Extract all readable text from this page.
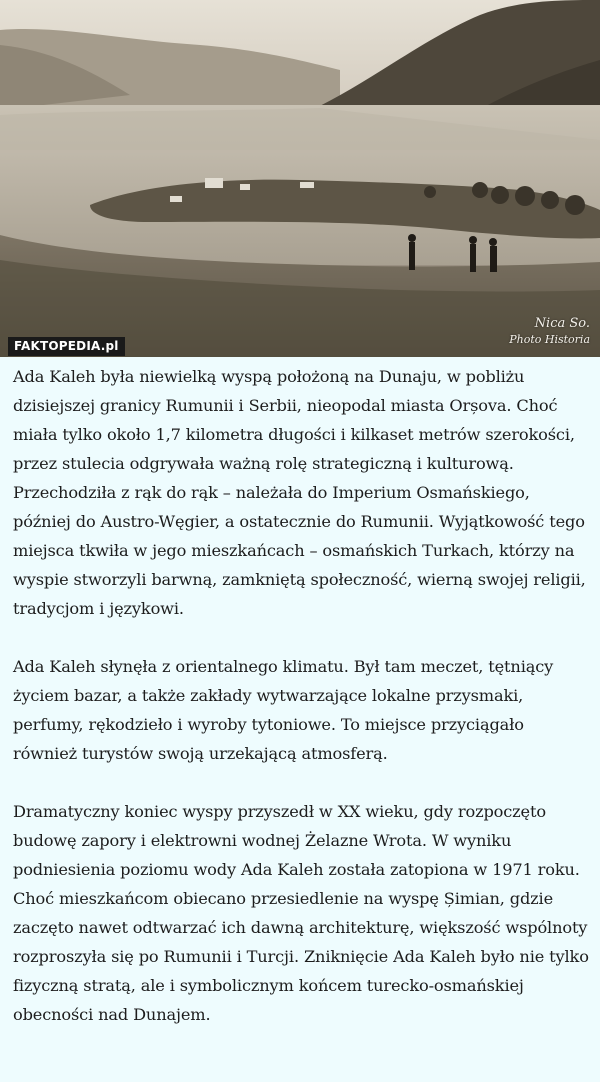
Nica So.
Photo Historia
FAKTOPEDIA.pl

Ada Kaleh była niewielką wyspą położoną na Dunaju, w pobliżu dzisiejszej granicy Rumunii i Serbii, nieopodal miasta Orșova. Choć miała tylko około 1,7 kilometra długości i kilkaset metrów szerokości, przez stulecia odgrywała ważną rolę strategiczną i kulturową. Przechodziła z rąk do rąk – należała do Imperium Osmańskiego, później do Austro-Węgier, a ostatecznie do Rumunii. Wyjątkowość tego miejsca tkwiła w jego mieszkańcach – osmańskich Turkach, którzy na wyspie stworzyli barwną, zamkniętą społeczność, wierną swojej religii, tradycjom i językowi.

Ada Kaleh słynęła z orientalnego klimatu. Był tam meczet, tętniący życiem bazar, a także zakłady wytwarzające lokalne przysmaki, perfumy, rękodzieło i wyroby tytoniowe. To miejsce przyciągało również turystów swoją urzekającą atmosferą.

Dramatyczny koniec wyspy przyszedł w XX wieku, gdy rozpoczęto budowę zapory i elektrowni wodnej Żelazne Wrota. W wyniku podniesienia poziomu wody Ada Kaleh została zatopiona w 1971 roku. Choć mieszkańcom obiecano przesiedlenie na wyspę Șimian, gdzie zaczęto nawet odtwarzać ich dawną architekturę, większość wspólnoty rozproszyła się po Rumunii i Turcji. Zniknięcie Ada Kaleh było nie tylko fizyczną stratą, ale i symbolicznym końcem turecko-osmańskiej obecności nad Dunajem.
